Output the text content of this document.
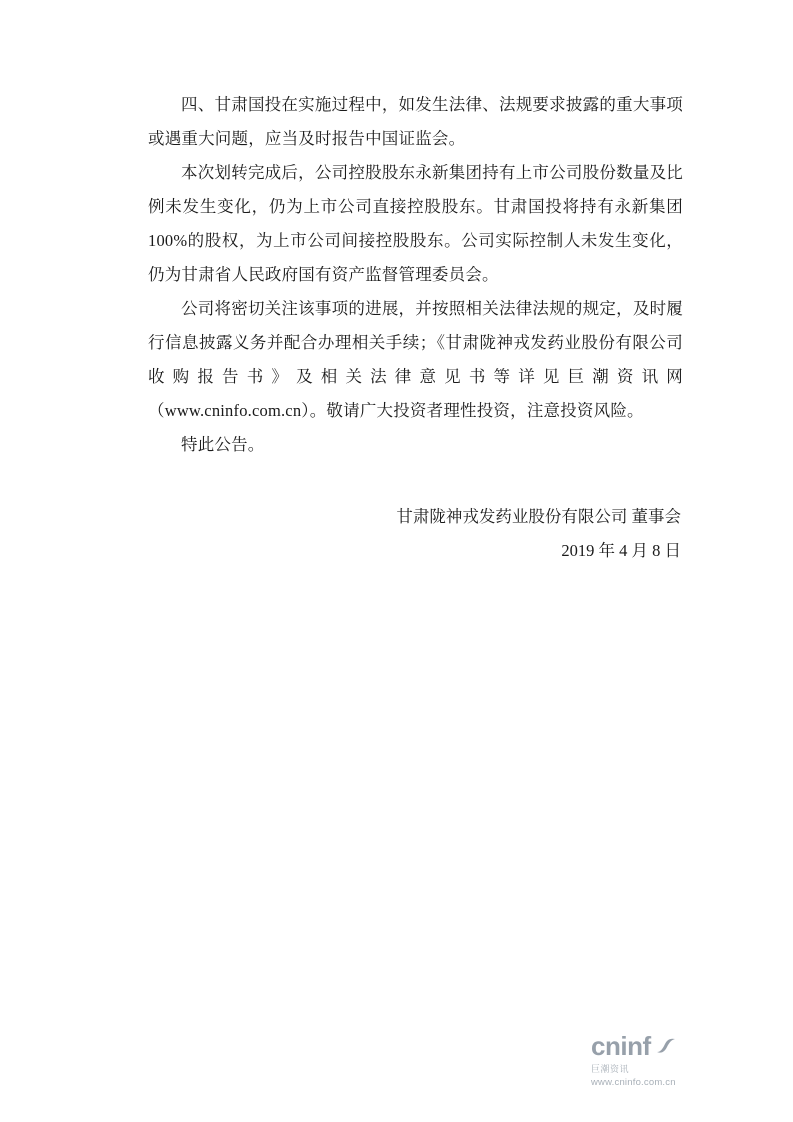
四、甘肃国投在实施过程中，如发生法律、法规要求披露的重大事项或遇重大问题，应当及时报告中国证监会。

本次划转完成后，公司控股股东永新集团持有上市公司股份数量及比例未发生变化，仍为上市公司直接控股股东。甘肃国投将持有永新集团 100%的股权，为上市公司间接控股股东。公司实际控制人未发生变化，仍为甘肃省人民政府国有资产监督管理委员会。

公司将密切关注该事项的进展，并按照相关法律法规的规定，及时履行信息披露义务并配合办理相关手续；《甘肃陇神戎发药业股份有限公司收购报告书》及相关法律意见书等详见巨潮资讯网（www.cninfo.com.cn）。敬请广大投资者理性投资，注意投资风险。

特此公告。

甘肃陇神戎发药业股份有限公司 董事会
2019 年 4 月 8 日
cninf
巨潮资讯
www.cninfo.com.cn
